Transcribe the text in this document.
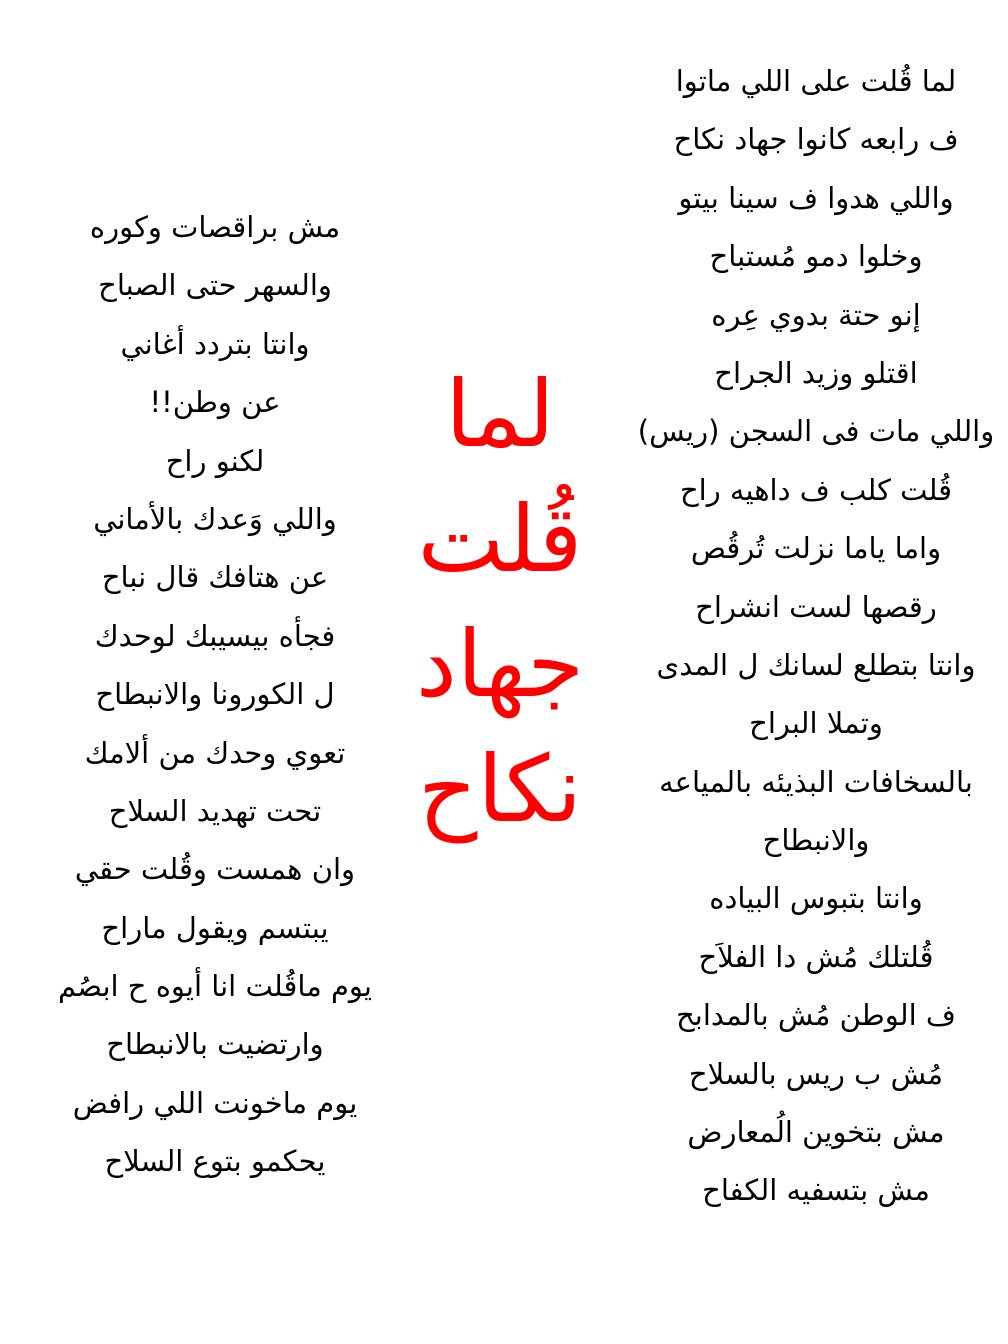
لما قُلت على اللي ماتوا
ف رابعه كانوا جهاد نكاح
واللي هدوا ف سينا بيتو
وخلوا دمو مُستباح
إنو حتة بدوي عِره
اقتلو وزيد الجراح
واللي مات فى السجن (ريس)
قُلت كلب ف داهيه راح
واما ياما نزلت تُرقُص
رقصها لست انشراح
وانتا بتطلع لسانك ل المدى
وتملا البراح
بالسخافات البذيئه بالمياعه
والانبطاح
وانتا بتبوس البياده
قُلتلك مُش دا الفلاَح
ف الوطن مُش بالمدابح
مُش ب ريس بالسلاح
مش بتخوين الُمعارض
مش بتسفيه الكفاح
لما
قُلت
جهاد
نكاح
مش براقصات وكوره
والسهر حتى الصباح
وانتا بتردد أغاني
عن وطن!!
لكنو راح
واللي وَعدك بالأماني
عن هتافك قال نباح
فجأه بيسيبك لوحدك
ل الكورونا والانبطاح
تعوي وحدك من ألامك
تحت تهديد السلاح
وان همست وقُلت حقي
يبتسم ويقول ماراح
يوم ماقُلت انا أيوه ح ابصُم
وارتضيت بالانبطاح
يوم ماخونت اللي رافض
يحكمو بتوع السلاح
